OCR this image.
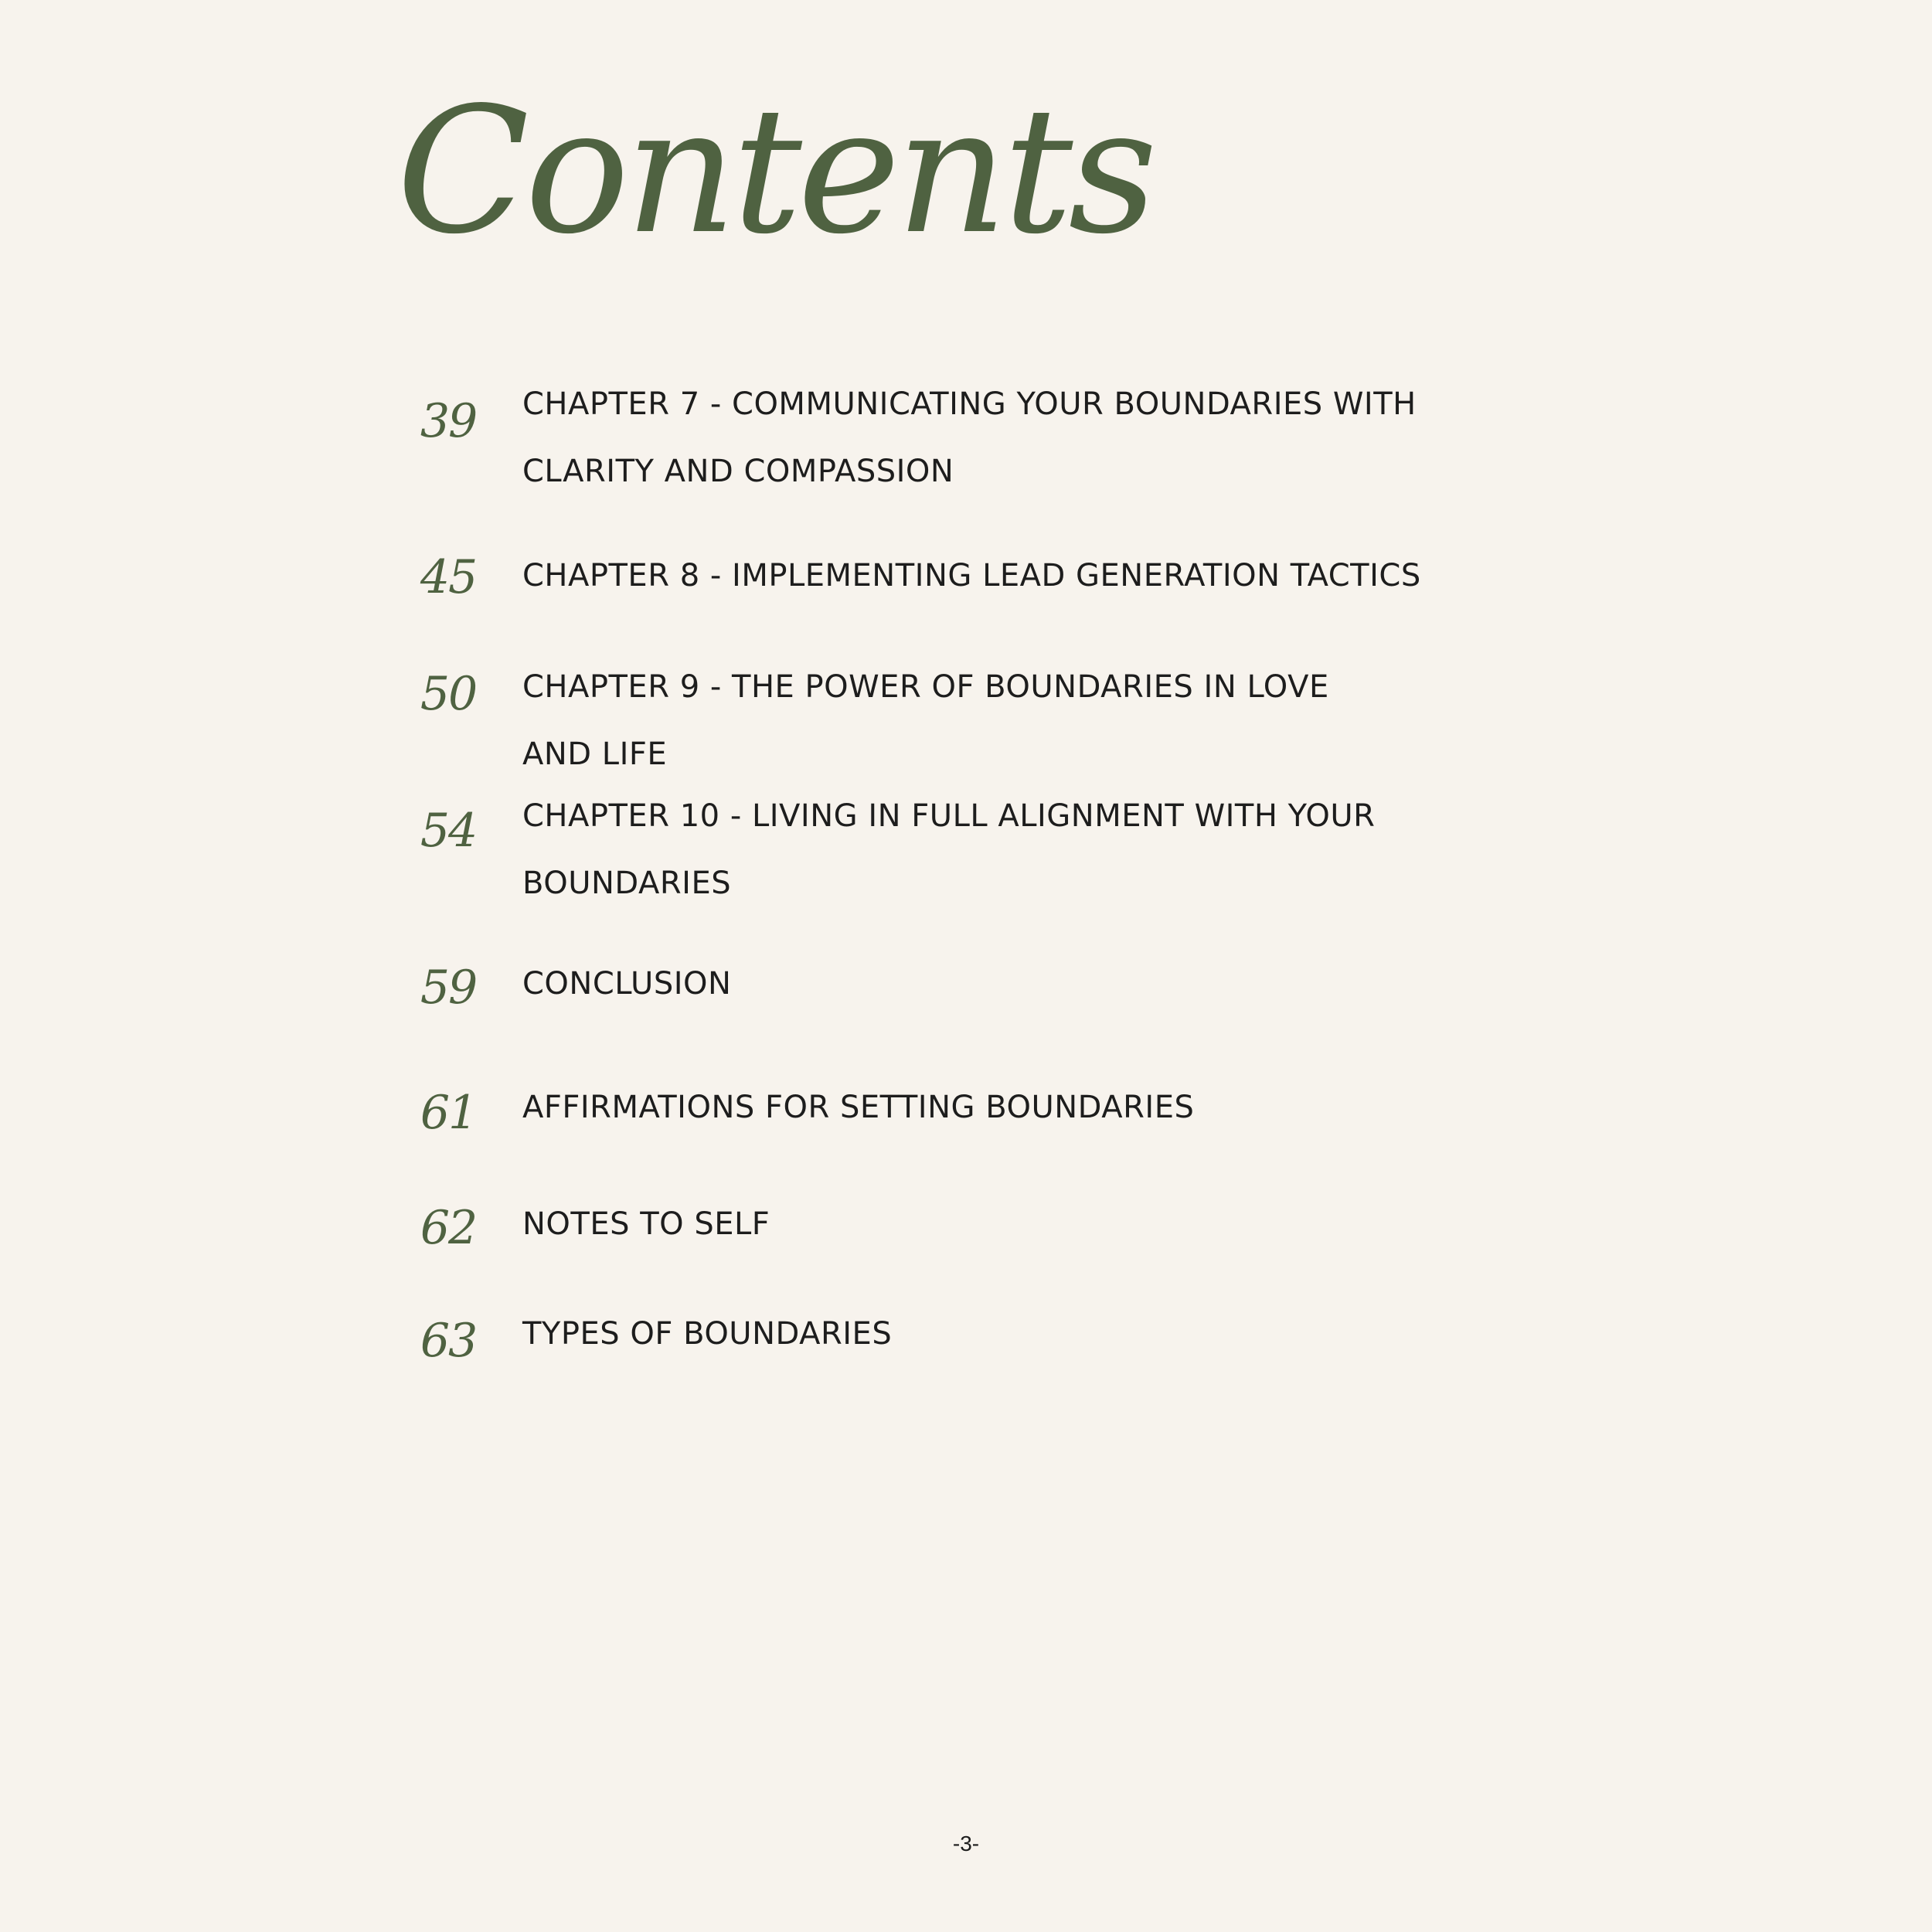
Contents
39 CHAPTER 7 - COMMUNICATING YOUR BOUNDARIES WITH CLARITY AND COMPASSION

45 CHAPTER 8 - IMPLEMENTING LEAD GENERATION TACTICS

50 CHAPTER 9 - THE POWER OF BOUNDARIES IN LOVE AND LIFE

54 CHAPTER 10 - LIVING IN FULL ALIGNMENT WITH YOUR BOUNDARIES

59 CONCLUSION

61 AFFIRMATIONS FOR SETTING BOUNDARIES

62 NOTES TO SELF

63 TYPES OF BOUNDARIES

-3-
